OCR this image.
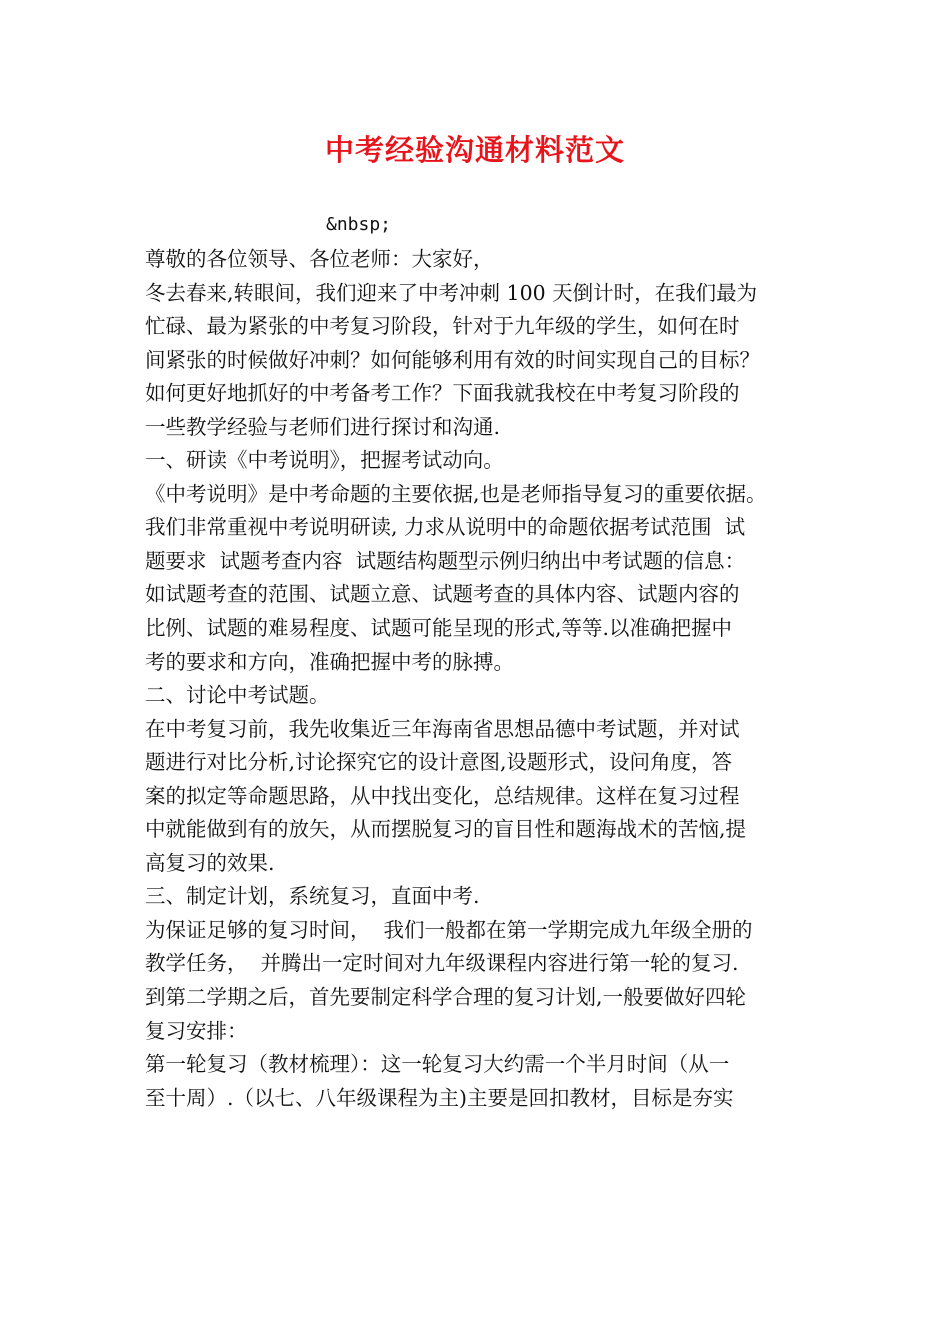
中考经验沟通材料范文
&nbsp;
尊敬的各位领导、各位老师：大家好，
冬去春来,转眼间，我们迎来了中考冲刺 100 天倒计时，在我们最为
忙碌、最为紧张的中考复习阶段，针对于九年级的学生，如何在时
间紧张的时候做好冲刺？如何能够利用有效的时间实现自己的目标？
如何更好地抓好的中考备考工作？下面我就我校在中考复习阶段的
一些教学经验与老师们进行探讨和沟通.
一、研读《中考说明》，把握考试动向。
《中考说明》是中考命题的主要依据,也是老师指导复习的重要依据。
我们非常重视中考说明研读, 力求从说明中的命题依据考试范围  试
题要求  试题考查内容  试题结构题型示例归纳出中考试题的信息：
如试题考查的范围、试题立意、试题考查的具体内容、试题内容的
比例、试题的难易程度、试题可能呈现的形式,等等.以准确把握中
考的要求和方向，准确把握中考的脉搏。
二、讨论中考试题。
在中考复习前，我先收集近三年海南省思想品德中考试题，并对试
题进行对比分析,讨论探究它的设计意图,设题形式，设问角度，答
案的拟定等命题思路，从中找出变化，总结规律。这样在复习过程
中就能做到有的放矢，从而摆脱复习的盲目性和题海战术的苦恼,提
高复习的效果.
三、制定计划，系统复习，直面中考.
为保证足够的复习时间，  我们一般都在第一学期完成九年级全册的
教学任务，  并腾出一定时间对九年级课程内容进行第一轮的复习.
到第二学期之后，首先要制定科学合理的复习计划,一般要做好四轮
复习安排：
第一轮复习（教材梳理）：这一轮复习大约需一个半月时间（从一
至十周）.（以七、八年级课程为主)主要是回扣教材，目标是夯实
